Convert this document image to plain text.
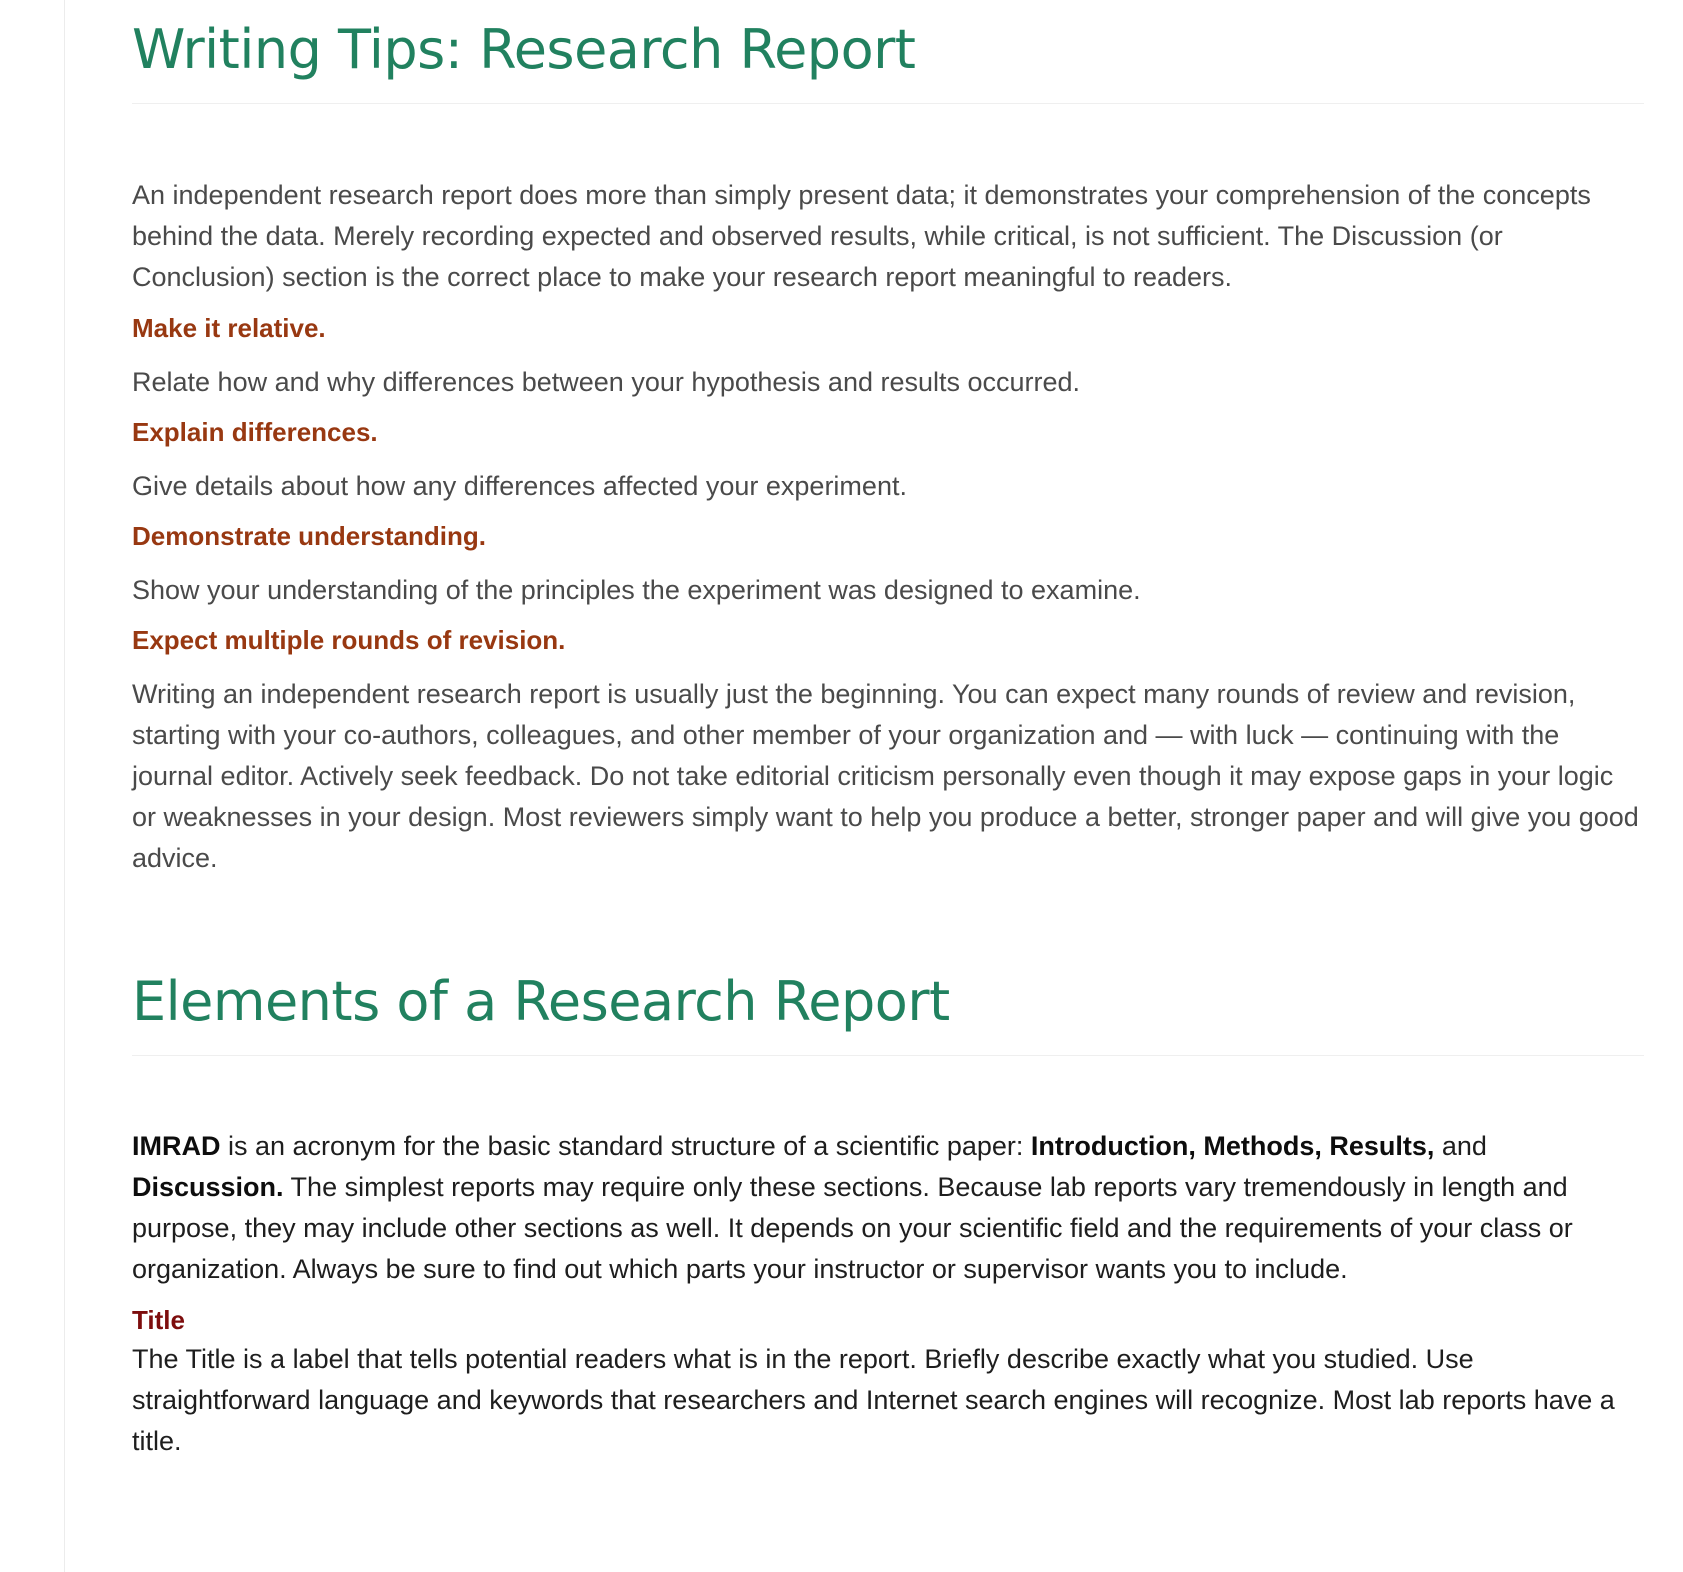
Writing Tips: Research Report

An independent research report does more than simply present data; it demonstrates your comprehension of the concepts behind the data. Merely recording expected and observed results, while critical, is not sufficient. The Discussion (or Conclusion) section is the correct place to make your research report meaningful to readers.

Make it relative.

Relate how and why differences between your hypothesis and results occurred.

Explain differences.

Give details about how any differences affected your experiment.

Demonstrate understanding.

Show your understanding of the principles the experiment was designed to examine.

Expect multiple rounds of revision.

Writing an independent research report is usually just the beginning. You can expect many rounds of review and revision, starting with your co-authors, colleagues, and other member of your organization and — with luck — continuing with the journal editor. Actively seek feedback. Do not take editorial criticism personally even though it may expose gaps in your logic or weaknesses in your design. Most reviewers simply want to help you produce a better, stronger paper and will give you good advice.

Elements of a Research Report

IMRAD is an acronym for the basic standard structure of a scientific paper: Introduction, Methods, Results, and Discussion. The simplest reports may require only these sections. Because lab reports vary tremendously in length and purpose, they may include other sections as well. It depends on your scientific field and the requirements of your class or organization. Always be sure to find out which parts your instructor or supervisor wants you to include.

Title

The Title is a label that tells potential readers what is in the report. Briefly describe exactly what you studied. Use straightforward language and keywords that researchers and Internet search engines will recognize. Most lab reports have a title.
